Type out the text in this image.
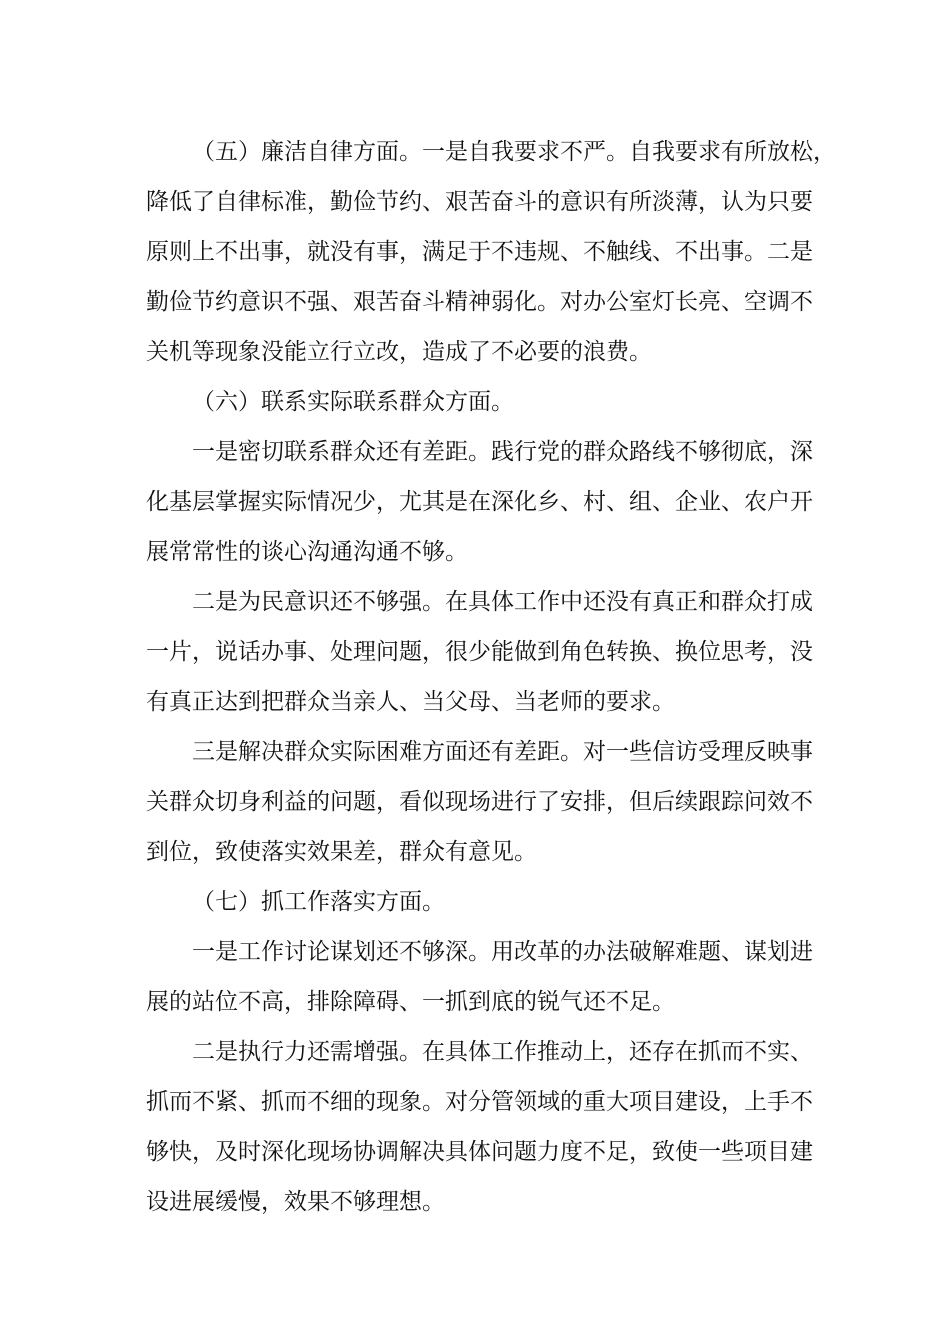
（五）廉洁自律方面。一是自我要求不严。自我要求有所放松，
降低了自律标准，勤俭节约、艰苦奋斗的意识有所淡薄，认为只要
原则上不出事，就没有事，满足于不违规、不触线、不出事。二是
勤俭节约意识不强、艰苦奋斗精神弱化。对办公室灯长亮、空调不
关机等现象没能立行立改，造成了不必要的浪费。
（六）联系实际联系群众方面。
一是密切联系群众还有差距。践行党的群众路线不够彻底，深
化基层掌握实际情况少，尤其是在深化乡、村、组、企业、农户开
展常常性的谈心沟通沟通不够。
二是为民意识还不够强。在具体工作中还没有真正和群众打成
一片，说话办事、处理问题，很少能做到角色转换、换位思考，没
有真正达到把群众当亲人、当父母、当老师的要求。
三是解决群众实际困难方面还有差距。对一些信访受理反映事
关群众切身利益的问题，看似现场进行了安排，但后续跟踪问效不
到位，致使落实效果差，群众有意见。
（七）抓工作落实方面。
一是工作讨论谋划还不够深。用改革的办法破解难题、谋划进
展的站位不高，排除障碍、一抓到底的锐气还不足。
二是执行力还需增强。在具体工作推动上，还存在抓而不实、
抓而不紧、抓而不细的现象。对分管领域的重大项目建设，上手不
够快，及时深化现场协调解决具体问题力度不足，致使一些项目建
设进展缓慢，效果不够理想。
